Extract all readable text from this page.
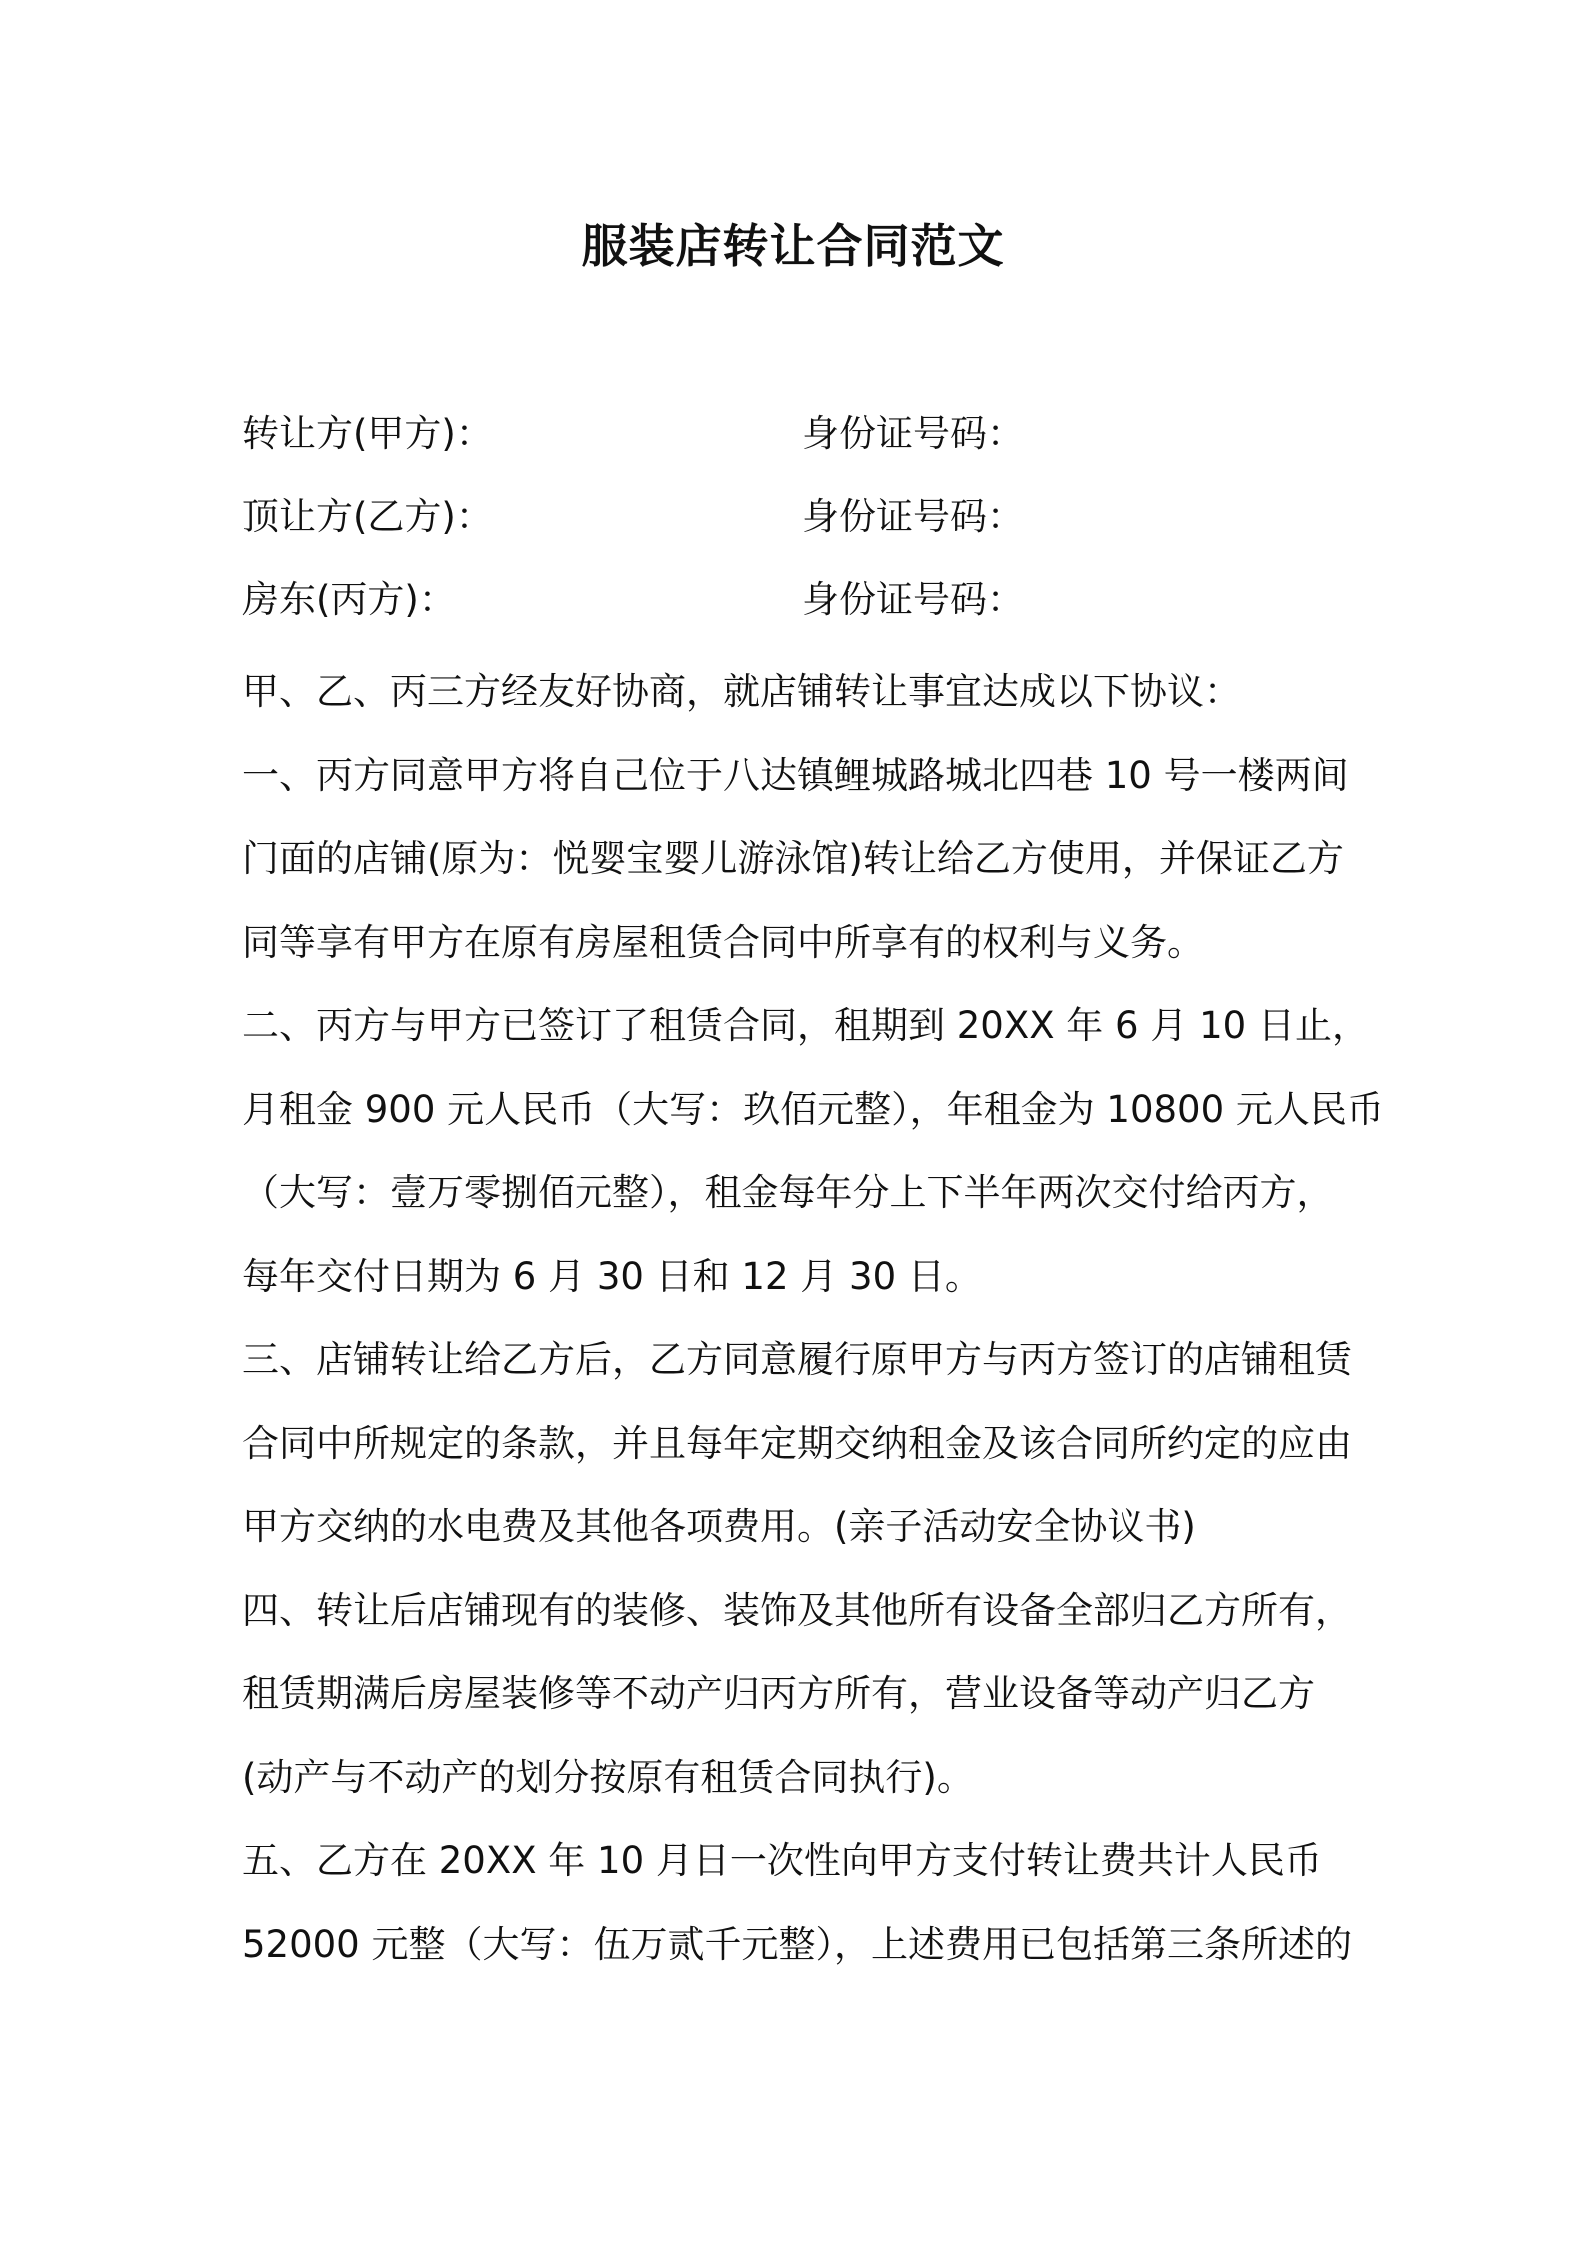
服装店转让合同范文
转让方(甲方)：	身份证号码：
顶让方(乙方)：	身份证号码：
房东(丙方)：	身份证号码：
甲、乙、丙三方经友好协商，就店铺转让事宜达成以下协议：
一、丙方同意甲方将自己位于八达镇鲤城路城北四巷 10 号一楼两间
门面的店铺(原为：悦婴宝婴儿游泳馆)转让给乙方使用，并保证乙方
同等享有甲方在原有房屋租赁合同中所享有的权利与义务。
二、丙方与甲方已签订了租赁合同，租期到 20XX 年 6 月 10 日止，
月租金 900 元人民币（大写：玖佰元整），年租金为 10800 元人民币
（大写：壹万零捌佰元整），租金每年分上下半年两次交付给丙方，
每年交付日期为 6 月 30 日和 12 月 30 日。
三、店铺转让给乙方后，乙方同意履行原甲方与丙方签订的店铺租赁
合同中所规定的条款，并且每年定期交纳租金及该合同所约定的应由
甲方交纳的水电费及其他各项费用。(亲子活动安全协议书)
四、转让后店铺现有的装修、装饰及其他所有设备全部归乙方所有，
租赁期满后房屋装修等不动产归丙方所有，营业设备等动产归乙方
(动产与不动产的划分按原有租赁合同执行)。
五、乙方在 20XX 年 10 月日一次性向甲方支付转让费共计人民币
52000 元整（大写：伍万贰千元整），上述费用已包括第三条所述的
